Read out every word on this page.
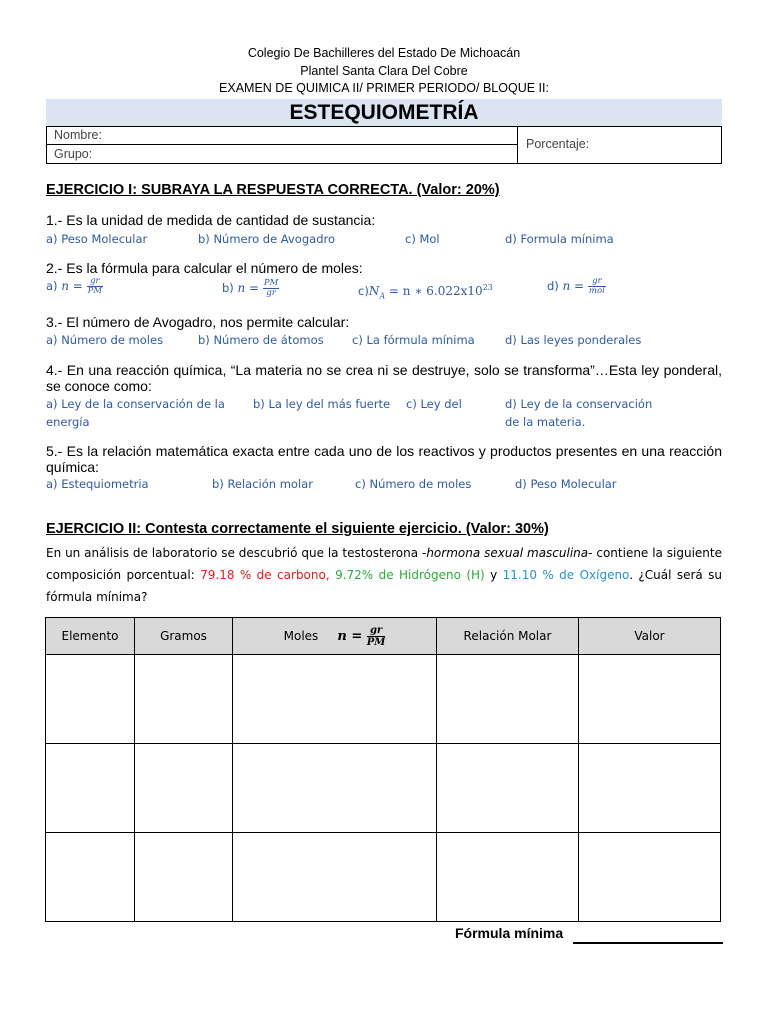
Colegio De Bachilleres del Estado De Michoacán
Plantel Santa Clara Del Cobre
EXAMEN DE QUIMICA II/ PRIMER PERIODO/ BLOQUE II:
ESTEQUIOMETRÍA
Nombre:
Grupo:
Porcentaje:
EJERCICIO I: SUBRAYA LA RESPUESTA CORRECTA. (Valor: 20%)
1.- Es la unidad de medida de cantidad de sustancia:
a) Peso Molecular	b) Número de Avogadro	c) Mol	d) Formula mínima
2.- Es la fórmula para calcular el número de moles:
a) $n = \frac{gr}{PM}$	b) $n = \frac{PM}{gr}$	$c)N_A = n$ ∗ $6.022x10^{23}$	d) $n = \frac{gr}{\text{mol}}$
3.- El número de Avogadro, nos permite calcular:
a) Número de moles	b) Número de átomos c) La fórmula mínima	d) Las leyes ponderales
4.- En una reacción química, “La materia no se crea ni se destruye, solo se transforma”…Esta ley ponderal, se conoce como:
a) Ley de la conservación de la
energía
b) La ley del más fuerte c) Ley del	d) Ley de la conservación
de la materia.
5.- Es la relación matemática exacta entre cada uno de los reactivos y productos presentes en una reacción química:
a) Estequiometria	b) Relación molar	c) Número de moles	d) Peso Molecular
EJERCICIO II: Contesta correctamente el siguiente ejercicio. (Valor: 30%)
En un análisis de laboratorio se descubrió que la testosterona -hormona sexual masculina- contiene la siguiente composición porcentual: 79.18 % de carbono, 9.72% de Hidrógeno (H) y 11.10 % de Oxígeno. ¿Cuál será su fórmula mínima?
Elemento	Gramos	Moles $n = \frac{gr}{PM}$	Relación Molar	Valor

Fórmula mínima
